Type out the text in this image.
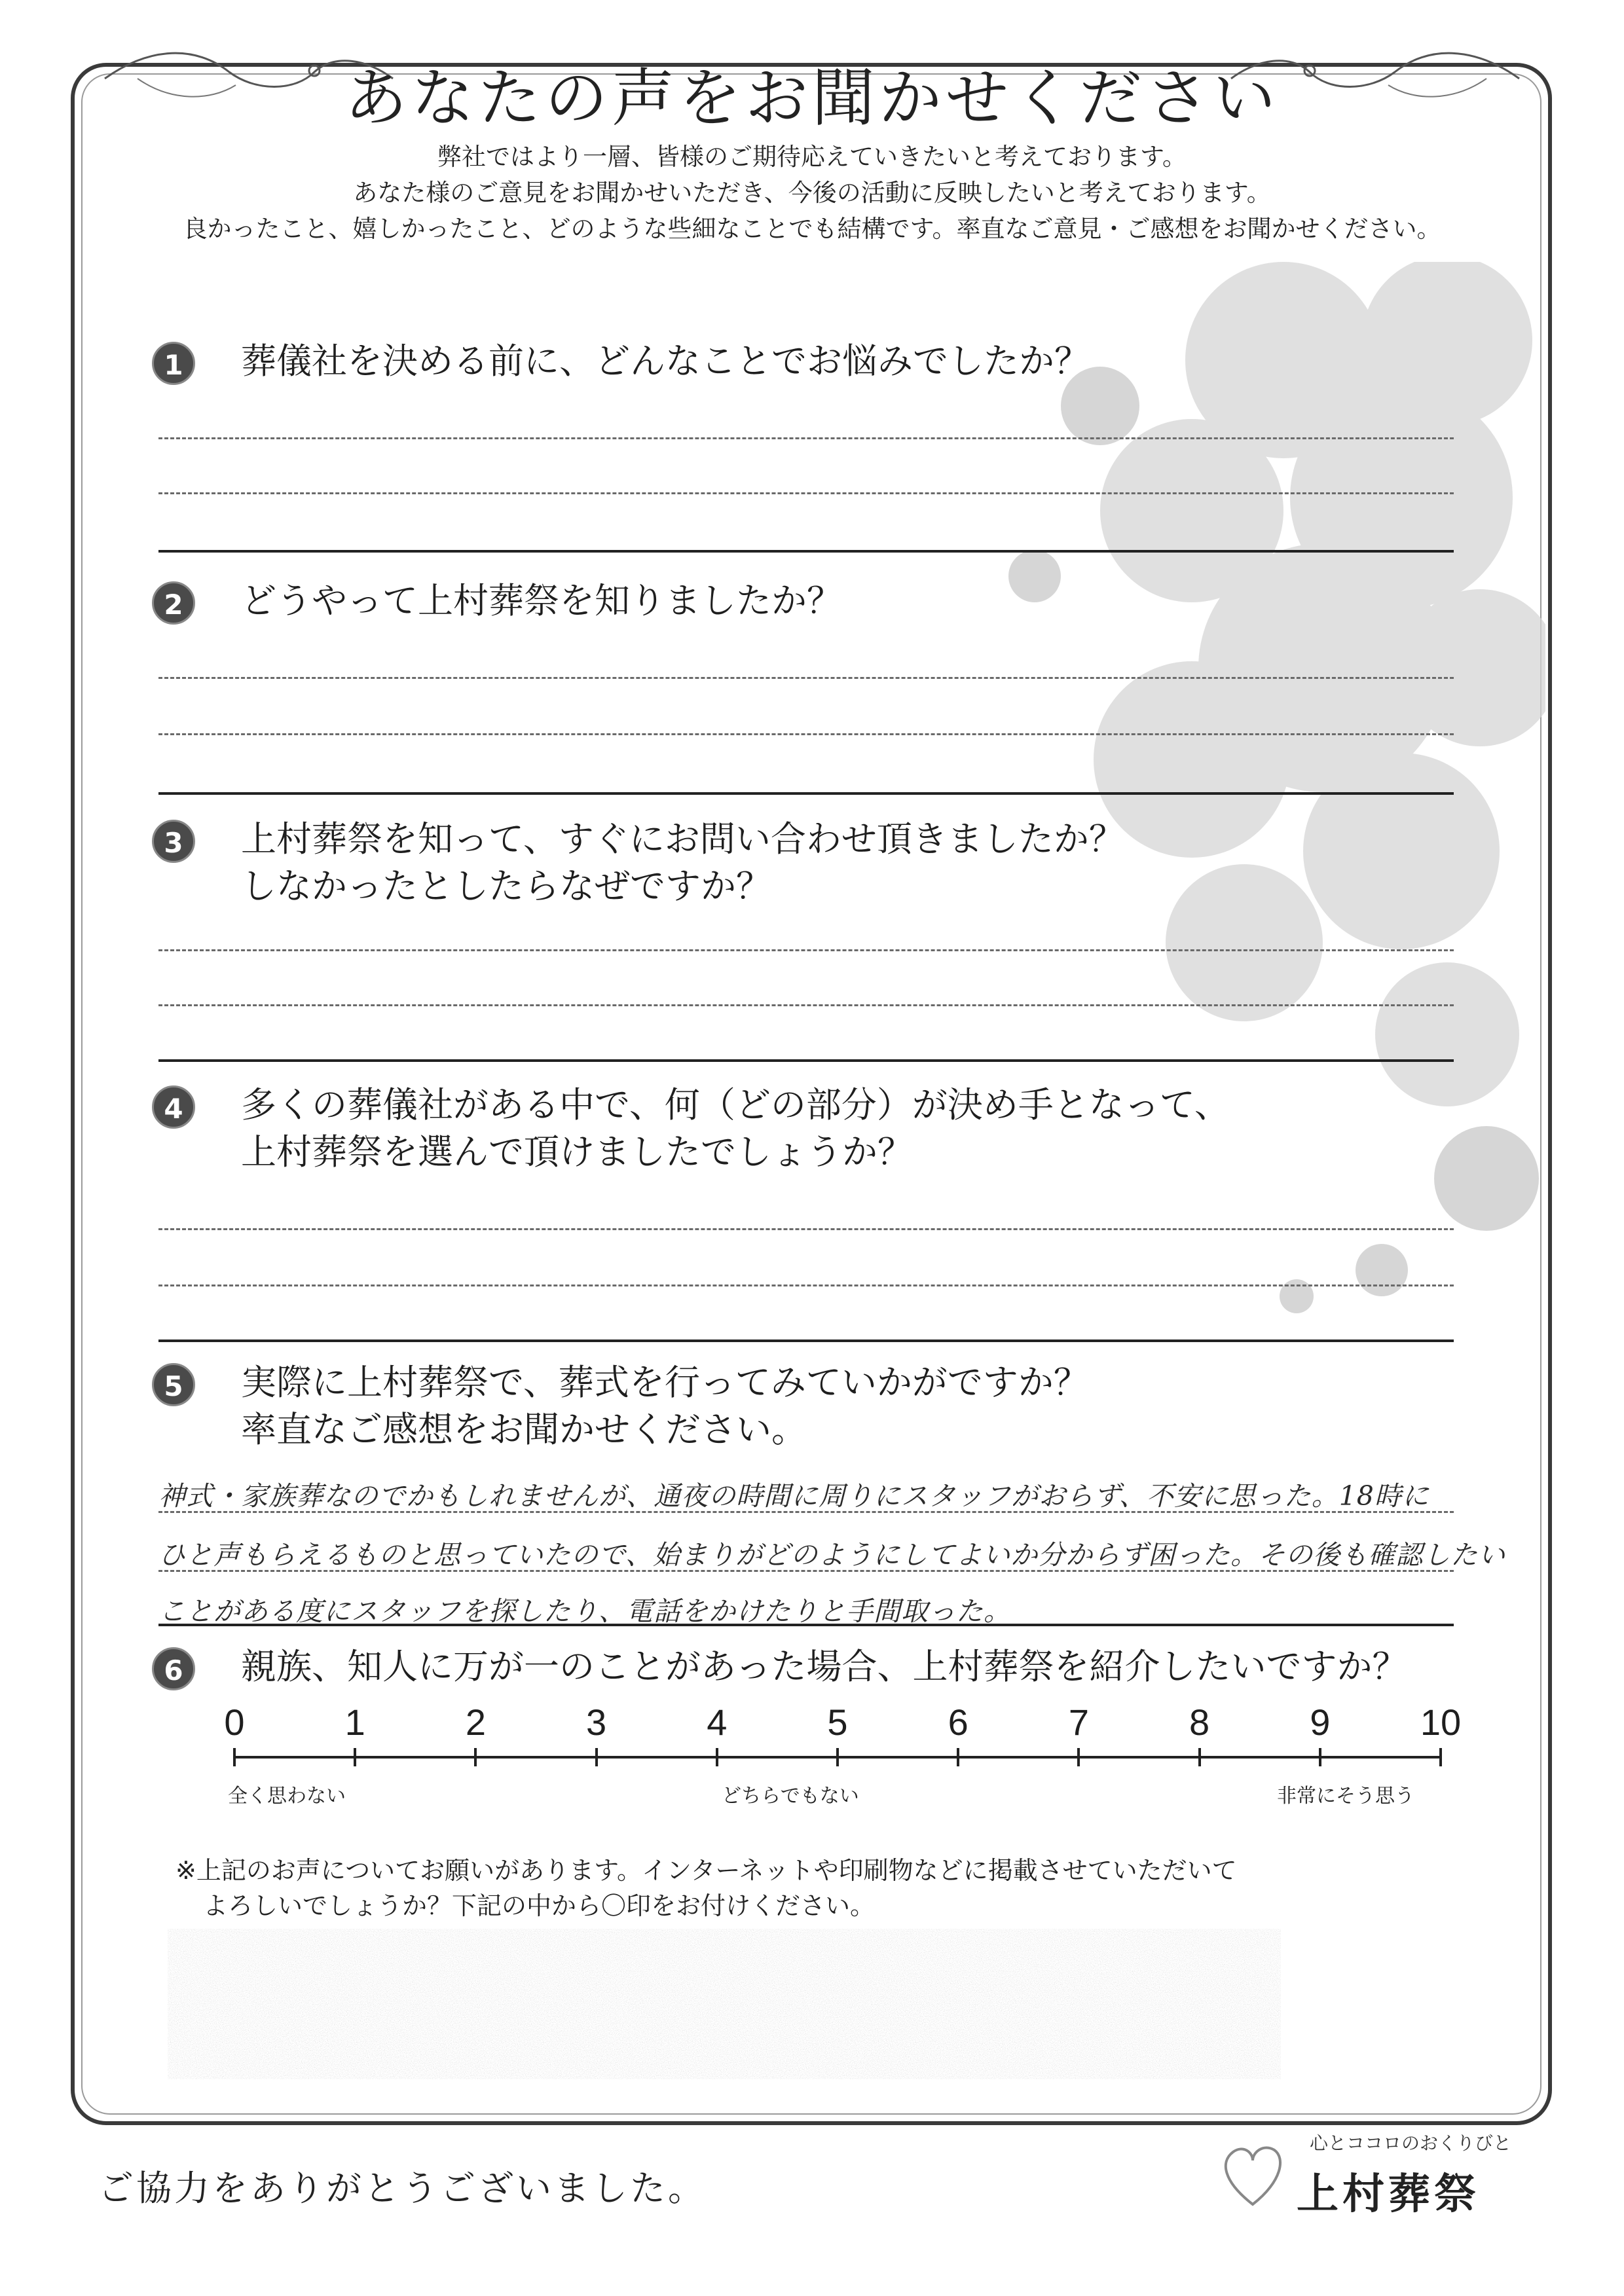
あなたの声をお聞かせください
弊社ではより一層、皆様のご期待応えていきたいと考えております。
あなた様のご意見をお聞かせいただき、今後の活動に反映したいと考えております。
良かったこと、嬉しかったこと、どのような些細なことでも結構です。率直なご意見・ご感想をお聞かせください。
1	葬儀社を決める前に、どんなことでお悩みでしたか？
2	どうやって上村葬祭を知りましたか？
3	上村葬祭を知って、すぐにお問い合わせ頂きましたか？
しなかったとしたらなぜですか？
4	多くの葬儀社がある中で、何（どの部分）が決め手となって、
上村葬祭を選んで頂けましたでしょうか？
5	実際に上村葬祭で、葬式を行ってみていかがですか？
率直なご感想をお聞かせください。
神式・家族葬なのでかもしれませんが、通夜の時間に周りにスタッフがおらず、不安に思った。18時に
ひと声もらえるものと思っていたので、始まりがどのようにしてよいか分からず困った。その後も確認したい
ことがある度にスタッフを探したり、電話をかけたりと手間取った。
6	親族、知人に万が一のことがあった場合、上村葬祭を紹介したいですか？
0	1	2	3	4	5	6	7	8	9	10
全く思わない	どちらでもない	非常にそう思う
※上記のお声についてお願いがあります。インターネットや印刷物などに掲載させていただいて
よろしいでしょうか？下記の中から〇印をお付けください。
ご協力をありがとうございました。
心とココロのおくりびと
上村葬祭
